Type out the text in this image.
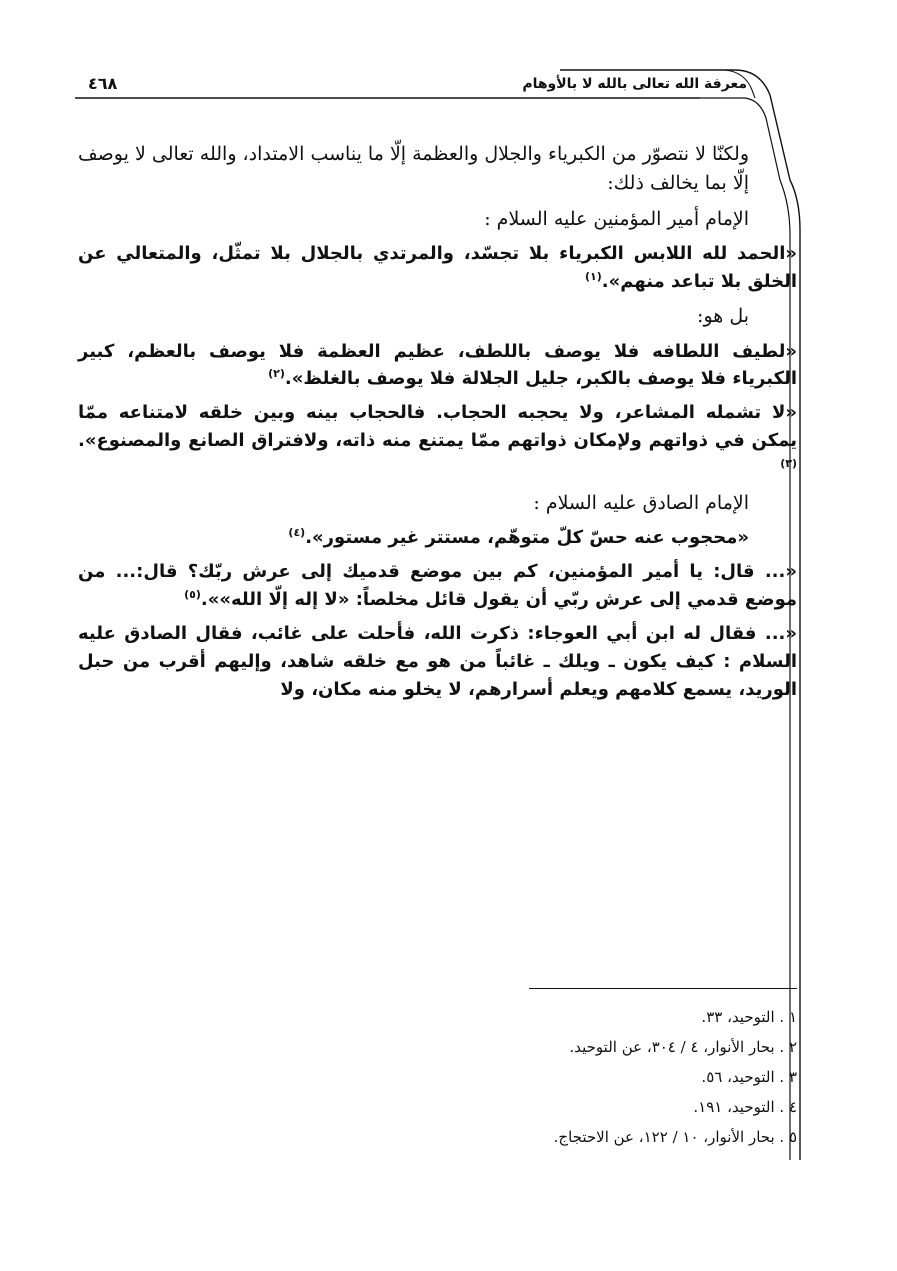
معرفة الله تعالى بالله لا بالأوهام
٤٦٨

ولكنّا لا نتصوّر من الكبرياء والجلال والعظمة إلّا ما يناسب الامتداد، والله تعالى لا يوصف إلّا بما يخالف ذلك:

الإمام أمير المؤمنين عليه السلام :

«الحمد لله اللابس الكبرياء بلا تجسّد، والمرتدي بالجلال بلا تمثّل، والمتعالي عن الخلق بلا تباعد منهم».$^{(١)}$

بل هو:

«لطيف اللطافه فلا يوصف باللطف، عظيم العظمة فلا يوصف بالعظم، كبير الكبرياء فلا يوصف بالكبر، جليل الجلالة فلا يوصف بالغلظ».$^{(٢)}$

«لا تشمله المشاعر، ولا يحجبه الحجاب. فالحجاب بينه وبين خلقه لامتناعه ممّا يمكن في ذواتهم ولإمكان ذواتهم ممّا يمتنع منه ذاته، ولافتراق الصانع والمصنوع».$^{(٣)}$

الإمام الصادق عليه السلام :

«محجوب عنه حسّ كلّ متوهّم، مستتر غير مستور».$^{(٤)}$

«... قال: يا أمير المؤمنين، كم بين موضع قدميك إلى عرش ربّك؟ قال:... من موضع قدمي إلى عرش ربّي أن يقول قائل مخلصاً: «لا إله إلّا الله»».$^{(٥)}$

«... فقال له ابن أبي العوجاء: ذكرت الله، فأحلت على غائب، فقال الصادق عليه السلام : كيف يكون ـ ويلك ـ غائباً من هو مع خلقه شاهد، وإليهم أقرب من حبل الوريد، يسمع كلامهم ويعلم أسرارهم، لا يخلو منه مكان، ولا

١ . التوحيد، ٣٣.
٢ . بحار الأنوار، ٤ / ٣٠٤، عن التوحيد.
٣ . التوحيد، ٥٦.
٤ . التوحيد، ١٩١.
٥ . بحار الأنوار، ١٠ / ١٢٢، عن الاحتجاج.
